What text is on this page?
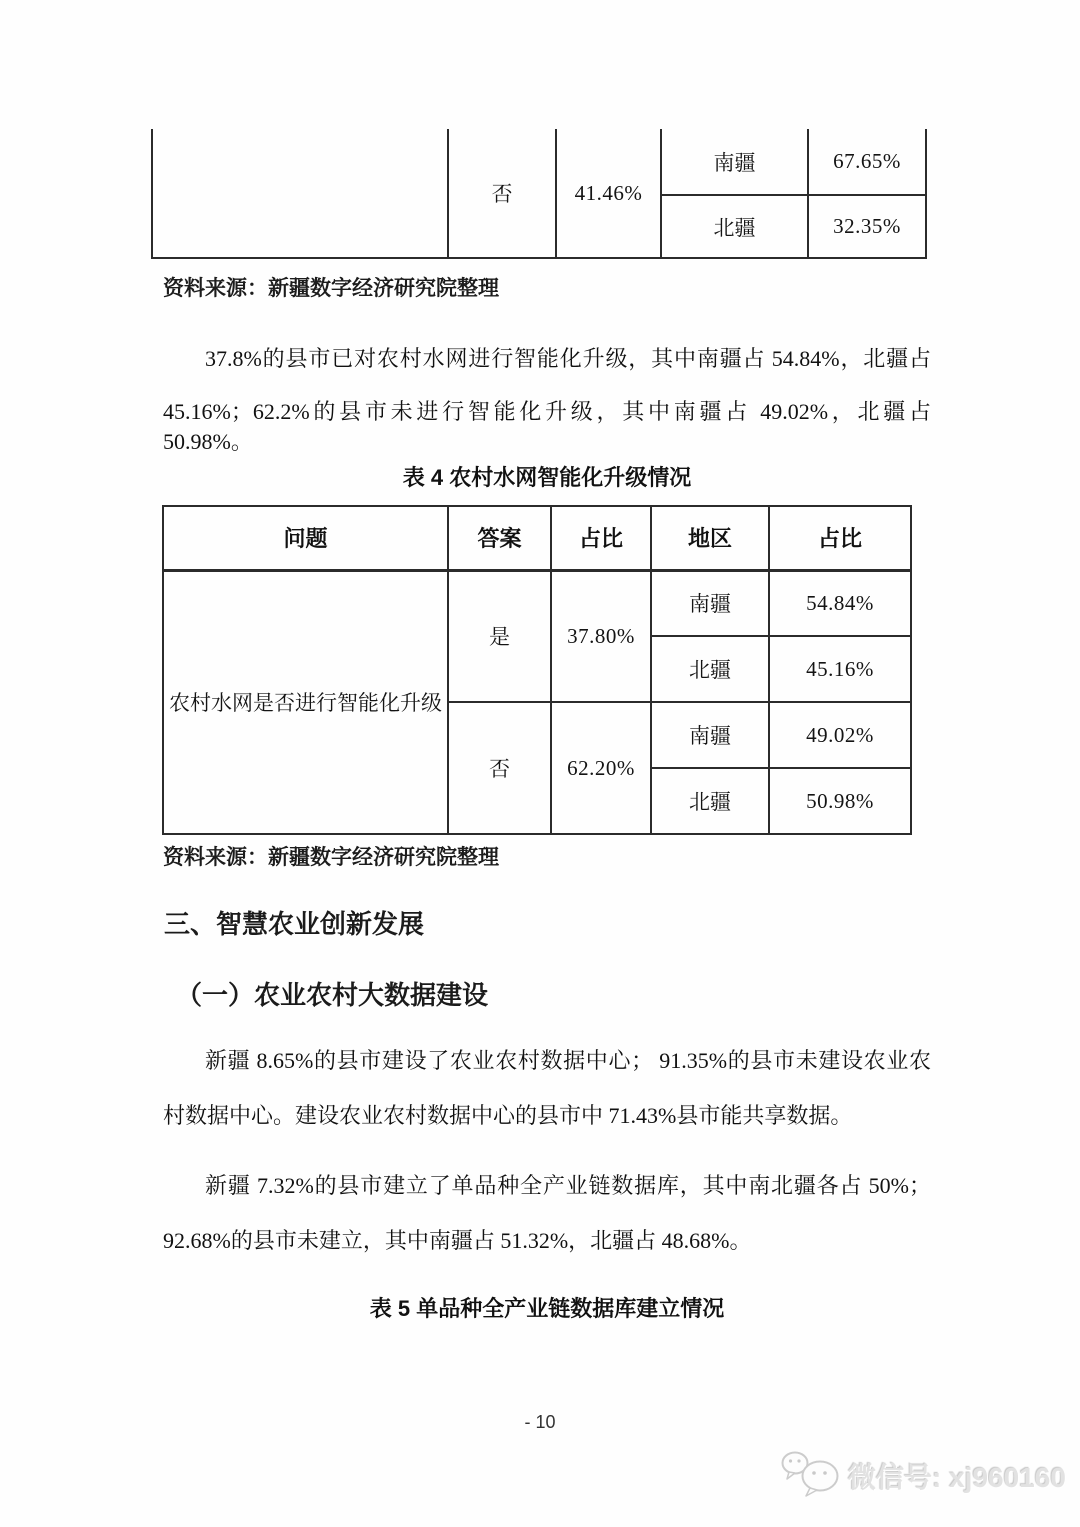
	否	41.46%	南疆	67.65%
			北疆	32.35%
资料来源：新疆数字经济研究院整理
37.8%的县市已对农村水网进行智能化升级，其中南疆占 54.84%，北疆占
45.16%；62.2%的县市未进行智能化升级，其中南疆占 49.02%，北疆占 50.98%。
表 4 农村水网智能化升级情况
问题	答案	占比	地区	占比
农村水网是否进行智能化升级	是	37.80%	南疆	54.84%
			北疆	45.16%
	否	62.20%	南疆	49.02%
			北疆	50.98%
资料来源：新疆数字经济研究院整理
三、智慧农业创新发展
（一）农业农村大数据建设
新疆 8.65%的县市建设了农业农村数据中心； 91.35%的县市未建设农业农
村数据中心。建设农业农村数据中心的县市中 71.43%县市能共享数据。
新疆 7.32%的县市建立了单品种全产业链数据库，其中南北疆各占 50%；
92.68%的县市未建立，其中南疆占 51.32%，北疆占 48.68%。
表 5 单品种全产业链数据库建立情况
- 10
微信号: xj960160
